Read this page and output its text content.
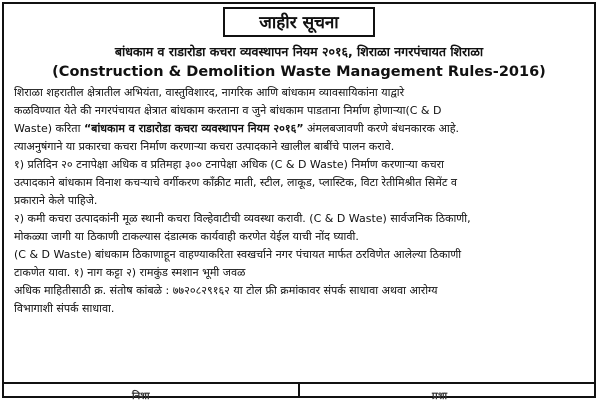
जाहीर सूचना
बांधकाम व राडारोडा कचरा व्यवस्थापन नियम २०१६, शिराळा नगरपंचायत शिराळा
(Construction & Demolition Waste Management Rules-2016)

शिराळा शहरातील क्षेत्रातील अभियंता, वास्तुविशारद, नागरिक आणि बांधकाम व्यावसायिकांना याद्वारे
कळविण्यात येते की नगरपंचायत क्षेत्रात बांधकाम करताना व जुने बांधकाम पाडताना निर्माण होणाऱ्या(C & D
Waste) करिता “बांधकाम व राडारोडा कचरा व्यवस्थापन नियम २०१६” अंमलबजावणी करणे बंधनकारक आहे.
त्याअनुषंगाने या प्रकारचा कचरा निर्माण करणाऱ्या कचरा उत्पादकाने खालील बाबींचे पालन करावे.

१) प्रतिदिन २० टनापेक्षा अधिक व प्रतिमहा ३०० टनापेक्षा अधिक (C & D Waste) निर्माण करणाऱ्या कचरा
उत्पादकाने बांधकाम विनाश कचऱ्याचे वर्गीकरण काँक्रीट माती, स्टील, लाकूड, प्लास्टिक, विटा रेतीमिश्रीत सिमेंट व
प्रकाराने केले पाहिजे.

२) कमी कचरा उत्पादकांनी मूळ स्थानी कचरा विल्हेवाटीची व्यवस्था करावी. (C & D Waste) सार्वजनिक ठिकाणी,
मोकळ्या जागी या ठिकाणी टाकल्यास दंडात्मक कार्यवाही करणेत येईल याची नोंद घ्यावी.

(C & D Waste) बांधकाम ठिकाणाहून वाहण्याकरिता स्वखर्चाने नगर पंचायत मार्फत ठरविणेत आलेल्या ठिकाणी
टाकणेत यावा. १) नाग कट्टा २) रामकुंड स्मशान भूमी जवळ

अधिक माहितीसाठी क्र. संतोष कांबळे : ७७२०८२९१६२ या टोल फ्री क्रमांकावर संपर्क साधावा अथवा आरोग्य
विभागाशी संपर्क साधावा.

निशा	प्रशा
